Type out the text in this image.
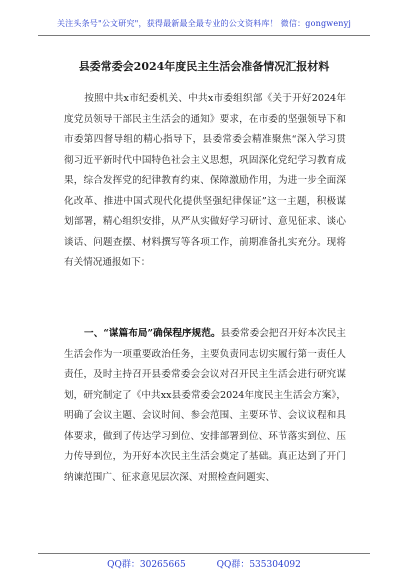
关注头条号"公文研究"，获得最新最全最专业的公文资料库！ 微信：gongwenyj
县委常委会2024年度民主生活会准备情况汇报材料

按照中共x市纪委机关、中共x市委组织部《关于开好2024年度党员领导干部民主生活会的通知》要求，在市委的坚强领导下和市委第四督导组的精心指导下，县委常委会精准聚焦“深入学习贯彻习近平新时代中国特色社会主义思想，巩固深化党纪学习教育成果，综合发挥党的纪律教育约束、保障激励作用，为进一步全面深化改革、推进中国式现代化提供坚强纪律保证”这一主题，积极谋划部署，精心组织安排，从严从实做好学习研讨、意见征求、谈心谈话、问题查摆、材料撰写等各项工作，前期准备扎实充分。现将有关情况通报如下：

一、“谋篇布局”确保程序规范。县委常委会把召开好本次民主生活会作为一项重要政治任务，主要负责同志切实履行第一责任人责任，及时主持召开县委常委会会议对召开民主生活会进行研究谋划，研究制定了《中共xx县委常委会2024年度民主生活会方案》，明确了会议主题、会议时间、参会范围、主要环节、会议议程和具体要求，做到了传达学习到位、安排部署到位、环节落实到位、压力传导到位，为开好本次民主生活会奠定了基础。真正达到了开门纳谏范围广、征求意见层次深、对照检查问题实、

QQ群：30265665	QQ群：535304092
